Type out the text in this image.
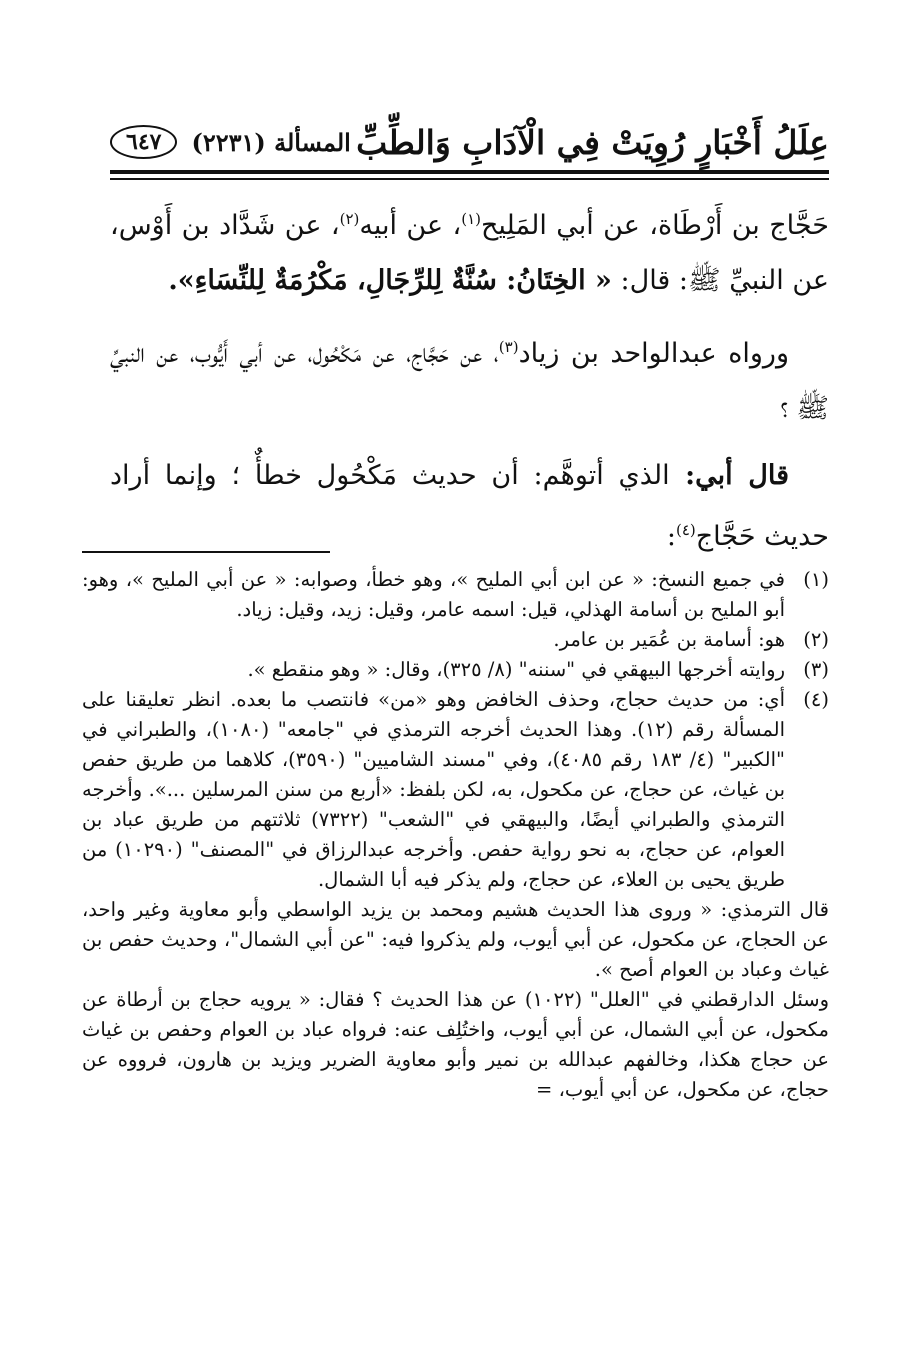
عِلَلُ أَخْبَارٍ رُوِيَتْ فِي الْآدَابِ وَالطِّبِّ
المسألة (٢٢٣١)
٦٤٧

حَجَّاج بن أَرْطَاة، عن أبي المَلِيح$^{(١)}$، عن أبيه$^{(٢)}$، عن شَدَّاد بن أَوْس، عن النبيِّ ﷺ: قال: « الخِتَانُ: سُنَّةٌ لِلرِّجَالِ، مَكْرُمَةٌ لِلنِّسَاءِ».

ورواه عبدالواحد بن زياد$^{(٣)}$، عن حَجَّاج، عن مَكْحُول، عن أبي أَيُّوب، عن النبيِّ ﷺ ؟

قال أبي: الذي أتوهَّم: أن حديث مَكْحُول خطأٌ ؛ وإنما أراد حديث حَجَّاج$^{(٤)}$:

(١)
في جميع النسخ: « عن ابن أبي المليح »، وهو خطأ، وصوابه: « عن أبي المليح »، وهو: أبو المليح بن أسامة الهذلي، قيل: اسمه عامر، وقيل: زيد، وقيل: زياد.
(٢)
هو: أسامة بن عُمَير بن عامر.
(٣)
روايته أخرجها البيهقي في "سننه" (٨/ ٣٢٥)، وقال: « وهو منقطع ».
(٤)
أي: من حديث حجاج، وحذف الخافض وهو «من» فانتصب ما بعده. انظر تعليقنا على المسألة رقم (١٢). وهذا الحديث أخرجه الترمذي في "جامعه" (١٠٨٠)، والطبراني في "الكبير" (٤/ ١٨٣ رقم ٤٠٨٥)، وفي "مسند الشاميين" (٣٥٩٠)، كلاهما من طريق حفص بن غياث، عن حجاج، عن مكحول، به، لكن بلفظ: «أربع من سنن المرسلين ...». وأخرجه الترمذي والطبراني أيضًا، والبيهقي في "الشعب" (٧٣٢٢) ثلاثتهم من طريق عباد بن العوام، عن حجاج، به نحو رواية حفص. وأخرجه عبدالرزاق في "المصنف" (١٠٢٩٠) من طريق يحيى بن العلاء، عن حجاج، ولم يذكر فيه أبا الشمال.
قال الترمذي: « وروى هذا الحديث هشيم ومحمد بن يزيد الواسطي وأبو معاوية وغير واحد، عن الحجاج، عن مكحول، عن أبي أيوب، ولم يذكروا فيه: "عن أبي الشمال"، وحديث حفص بن غياث وعباد بن العوام أصح ».
وسئل الدارقطني في "العلل" (١٠٢٢) عن هذا الحديث ؟ فقال: « يرويه حجاج بن أرطاة عن مكحول، عن أبي الشمال، عن أبي أيوب، واختُلِف عنه: فرواه عباد بن العوام وحفص بن غياث عن حجاج هكذا، وخالفهم عبدالله بن نمير وأبو معاوية الضرير ويزيد بن هارون، فرووه عن حجاج، عن مكحول، عن أبي أيوب، =
